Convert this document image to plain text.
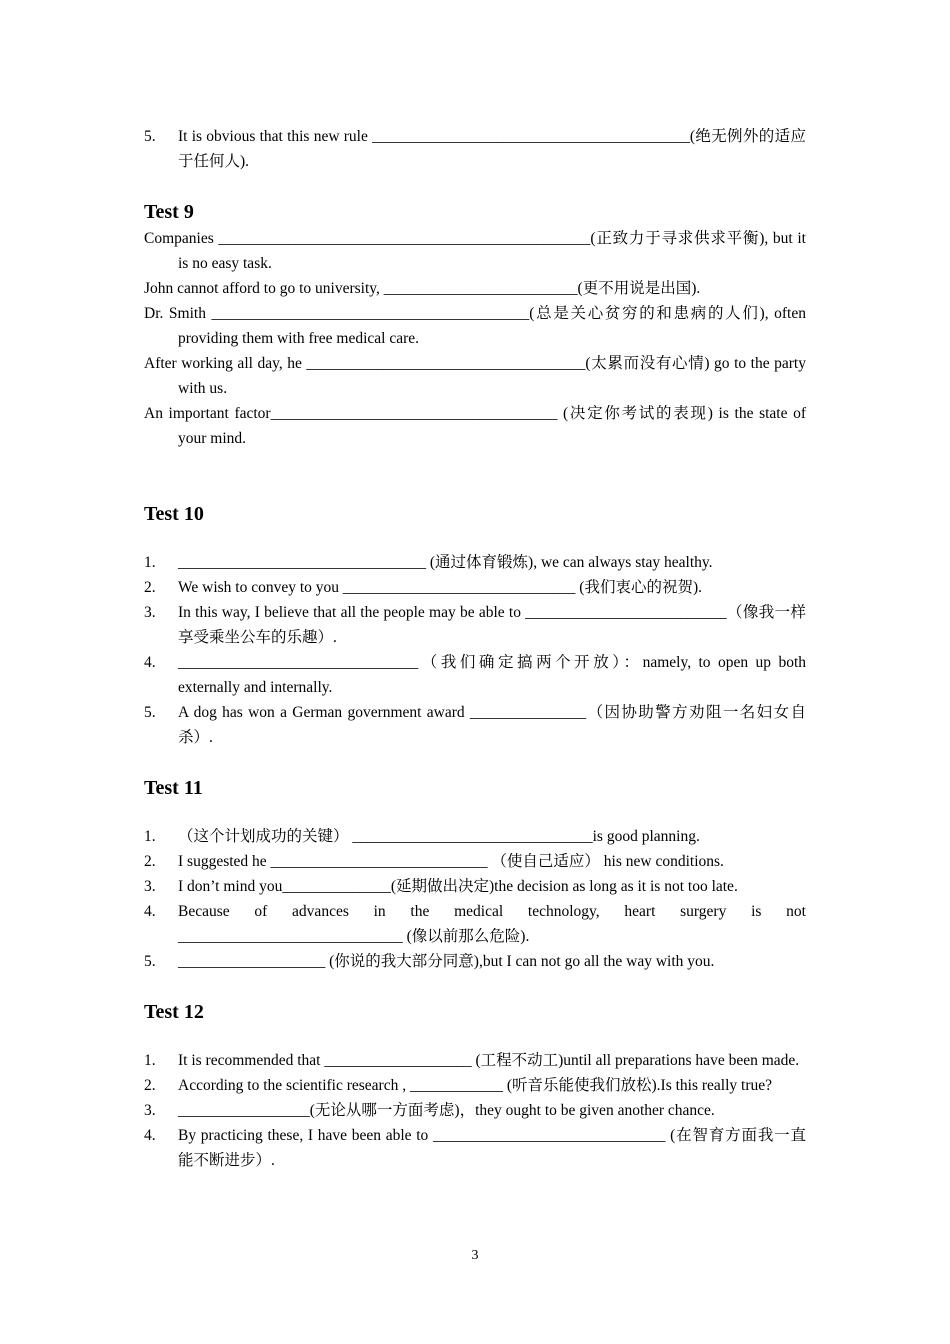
5. It is obvious that this new rule _________________________________________(绝无例外的适应于任何人).
Test 9
Companies ________________________________________________(正致力于寻求供求平衡), but it is no easy task.
John cannot afford to go to university, _________________________(更不用说是出国).
Dr. Smith _________________________________________(总是关心贫穷的和患病的人们), often providing them with free medical care.
After working all day, he ____________________________________(太累而没有心情) go to the party with us.
An important factor_____________________________________ (决定你考试的表现) is the state of your mind.
Test 10
1. ________________________________ (通过体育锻炼), we can always stay healthy.
2. We wish to convey to you ______________________________ (我们衷心的祝贺).
3. In this way, I believe that all the people may be able to __________________________（像我一样享受乘坐公车的乐趣）.
4. _______________________________（我们确定搞两个开放）：namely, to open up both externally and internally.
5. A dog has won a German government award _______________（因协助警方劝阻一名妇女自杀）.
Test 11
1. （这个计划成功的关键） _______________________________is good planning.
2. I suggested he ____________________________ （使自己适应） his new conditions.
3. I don’t mind you______________(延期做出决定)the decision as long as it is not too late.
4. Because of advances in the medical technology, heart surgery is not _____________________________ (像以前那么危险).
5. ___________________ (你说的我大部分同意),but I can not go all the way with you.
Test 12
1. It is recommended that ___________________ (工程不动工)until all preparations have been made.
2. According to the scientific research , ____________ (听音乐能使我们放松).Is this really true?
3. _________________(无论从哪一方面考虑)，they ought to be given another chance.
4. By practicing these, I have been able to ______________________________ (在智育方面我一直能不断进步）.
3
